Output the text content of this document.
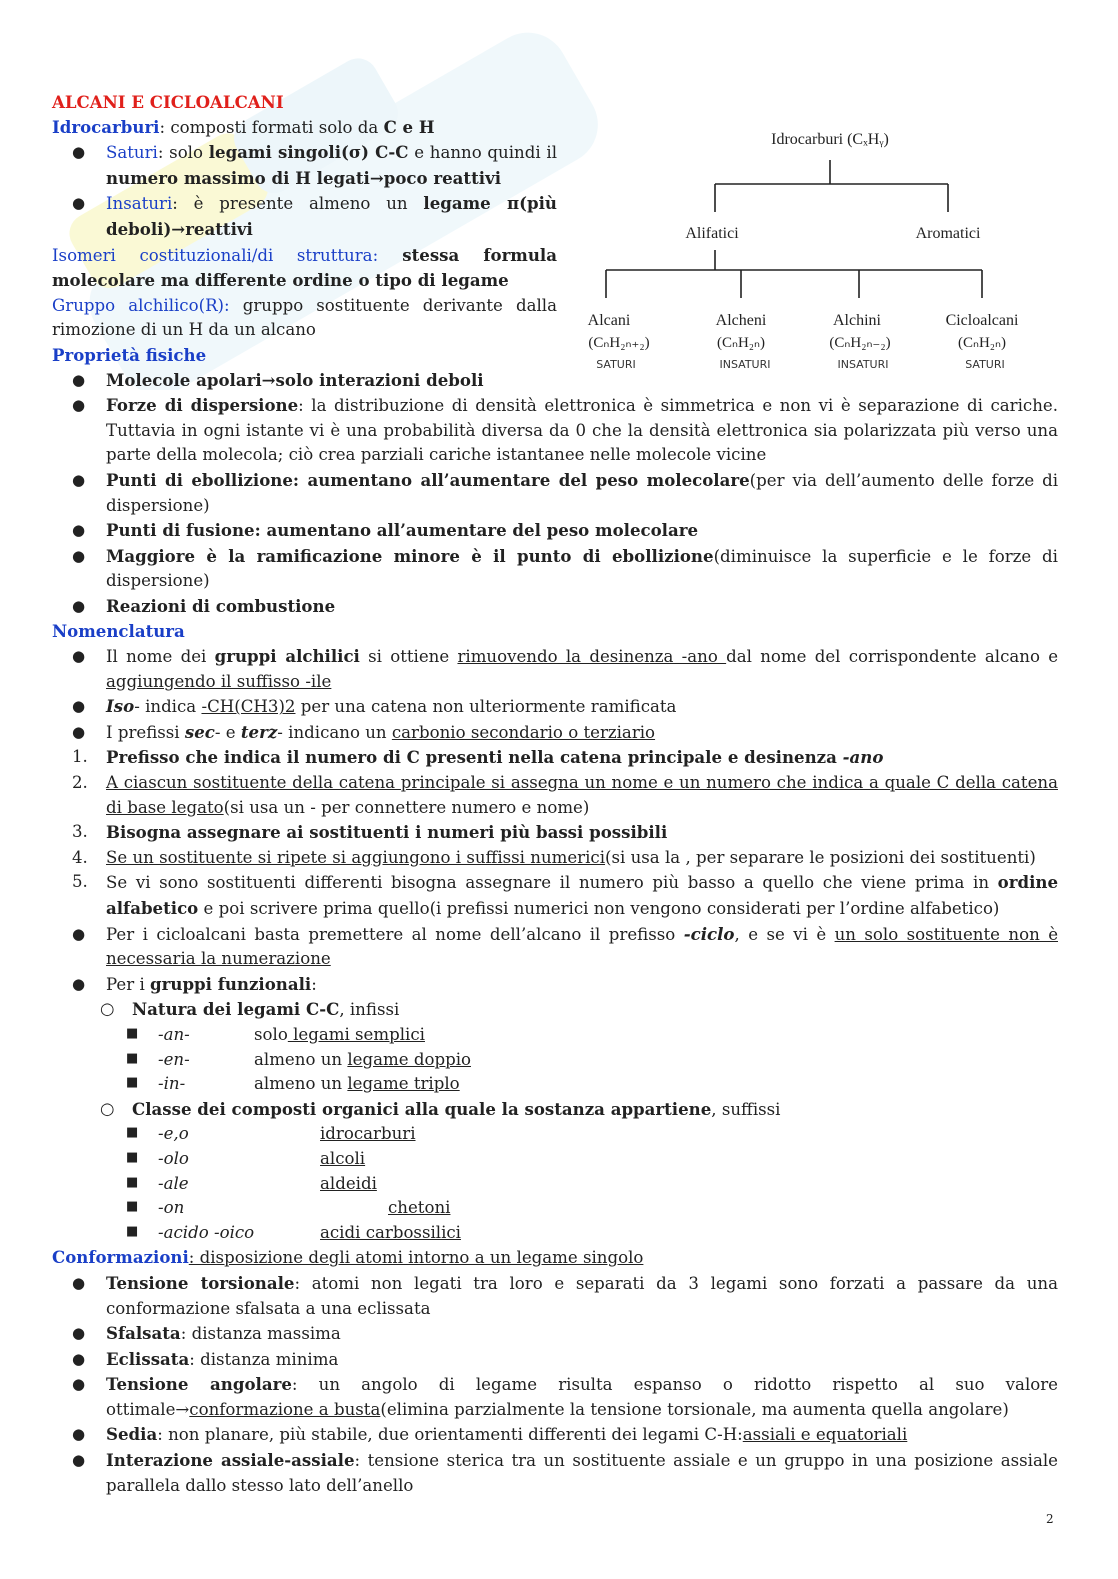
Idrocarburi (CₓHᵧ)
Alifatici	Aromatici
Alcani
(CₙH₂ₙ₊₂)
SATURI
Alcheni
(CₙH₂ₙ)
INSATURI
Alchini
(CₙH₂ₙ₋₂)
INSATURI
Cicloalcani
(CₙH₂ₙ)
SATURI

ALCANI E CICLOALCANI

Idrocarburi: composti formati solo da C e H

● Saturi: solo legami singoli(σ) C-C e hanno quindi il numero massimo di H legati→poco reattivi
● Insaturi: è presente almeno un legame π(più deboli)→reattivi

Isomeri costituzionali/di struttura: stessa formula molecolare ma differente ordine o tipo di legame

Gruppo alchilico(R): gruppo sostituente derivante dalla rimozione di un H da un alcano

Proprietà fisiche

● Molecole apolari→solo interazioni deboli
● Forze di dispersione: la distribuzione di densità elettronica è simmetrica e non vi è separazione di cariche. Tuttavia in ogni istante vi è una probabilità diversa da 0 che la densità elettronica sia polarizzata più verso una parte della molecola; ciò crea parziali cariche istantanee nelle molecole vicine
● Punti di ebollizione: aumentano all’aumentare del peso molecolare(per via dell’aumento delle forze di dispersione)
● Punti di fusione: aumentano all’aumentare del peso molecolare
● Maggiore è la ramificazione minore è il punto di ebollizione(diminuisce la superficie e le forze di dispersione)
● Reazioni di combustione

Nomenclatura

● Il nome dei gruppi alchilici si ottiene rimuovendo la desinenza -ano dal nome del corrispondente alcano e aggiungendo il suffisso -ile
● Iso- indica -CH(CH3)2 per una catena non ulteriormente ramificata
● I prefissi sec- e terz- indicano un carbonio secondario o terziario
1. Prefisso che indica il numero di C presenti nella catena principale e desinenza -ano
2. A ciascun sostituente della catena principale si assegna un nome e un numero che indica a quale C della catena di base legato(si usa un - per connettere numero e nome)
3. Bisogna assegnare ai sostituenti i numeri più bassi possibili
4. Se un sostituente si ripete si aggiungono i suffissi numerici(si usa la , per separare le posizioni dei sostituenti)
5. Se vi sono sostituenti differenti bisogna assegnare il numero più basso a quello che viene prima in ordine alfabetico e poi scrivere prima quello(i prefissi numerici non vengono considerati per l’ordine alfabetico)
● Per i cicloalcani basta premettere al nome dell’alcano il prefisso -ciclo, e se vi è un solo sostituente non è necessaria la numerazione
● Per i gruppi funzionali:
○ Natura dei legami C-C, infissi
■ -an-	solo legami semplici
■ -en-	almeno un legame doppio
■ -in-	almeno un legame triplo
○ Classe dei composti organici alla quale la sostanza appartiene, suffissi
■ -e,o	idrocarburi
■ -olo	alcoli
■ -ale	aldeidi
■ -on	chetoni
■ -acido -oico	acidi carbossilici

Conformazioni: disposizione degli atomi intorno a un legame singolo

● Tensione torsionale: atomi non legati tra loro e separati da 3 legami sono forzati a passare da una conformazione sfalsata a una eclissata
● Sfalsata: distanza massima
● Eclissata: distanza minima
● Tensione angolare: un angolo di legame risulta espanso o ridotto rispetto al suo valore ottimale→conformazione a busta(elimina parzialmente la tensione torsionale, ma aumenta quella angolare)
● Sedia: non planare, più stabile, due orientamenti differenti dei legami C-H:assiali e equatoriali
● Interazione assiale-assiale: tensione sterica tra un sostituente assiale e un gruppo in una posizione assiale parallela dallo stesso lato dell’anello
2
